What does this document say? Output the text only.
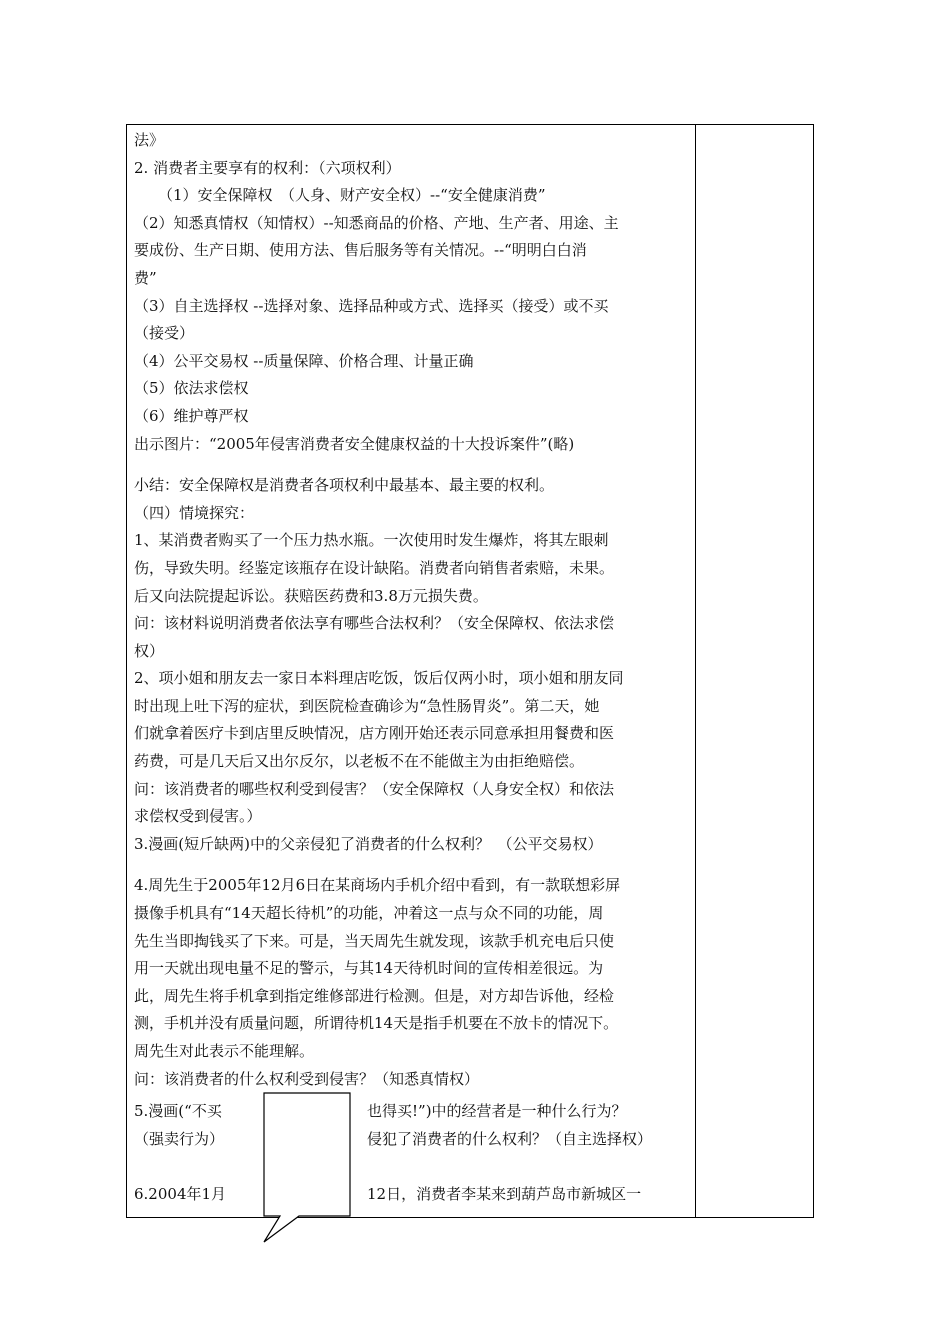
法》
2. 消费者主要享有的权利：（六项权利）
（1）安全保障权　（人身、财产安全权）--“安全健康消费”
（2）知悉真情权（知情权）--知悉商品的价格、产地、生产者、用途、主
要成份、生产日期、使用方法、售后服务等有关情况。--“明明白白消
费”
（3）自主选择权 --选择对象、选择品种或方式、选择买（接受）或不买
（接受）
（4）公平交易权 --质量保障、价格合理、计量正确
（5）依法求偿权
（6）维护尊严权
出示图片：“2005年侵害消费者安全健康权益的十大投诉案件”(略)
小结：安全保障权是消费者各项权利中最基本、最主要的权利。
（四）情境探究：
1、某消费者购买了一个压力热水瓶。一次使用时发生爆炸，将其左眼刺
伤，导致失明。经鉴定该瓶存在设计缺陷。消费者向销售者索赔，未果。
后又向法院提起诉讼。获赔医药费和3.8万元损失费。
问：该材料说明消费者依法享有哪些合法权利？（安全保障权、依法求偿
权）
2、项小姐和朋友去一家日本料理店吃饭，饭后仅两小时，项小姐和朋友同
时出现上吐下泻的症状，到医院检查确诊为“急性肠胃炎”。第二天，她
们就拿着医疗卡到店里反映情况，店方刚开始还表示同意承担用餐费和医
药费，可是几天后又出尔反尔，以老板不在不能做主为由拒绝赔偿。
问：该消费者的哪些权利受到侵害？（安全保障权（人身安全权）和依法
求偿权受到侵害。）
3.漫画(短斤缺两)中的父亲侵犯了消费者的什么权利？　（公平交易权）
4.周先生于2005年12月6日在某商场内手机介绍中看到，有一款联想彩屏
摄像手机具有“14天超长待机”的功能，冲着这一点与众不同的功能，周
先生当即掏钱买了下来。可是，当天周先生就发现，该款手机充电后只使
用一天就出现电量不足的警示，与其14天待机时间的宣传相差很远。为
此，周先生将手机拿到指定维修部进行检测。但是，对方却告诉他，经检
测，手机并没有质量问题，所谓待机14天是指手机要在不放卡的情况下。
周先生对此表示不能理解。
问：该消费者的什么权利受到侵害？（知悉真情权）
5.漫画(“不买	也得买!”)中的经营者是一种什么行为？
（强卖行为）	侵犯了消费者的什么权利？（自主选择权）
6.2004年1月	12日，消费者李某来到葫芦岛市新城区一
